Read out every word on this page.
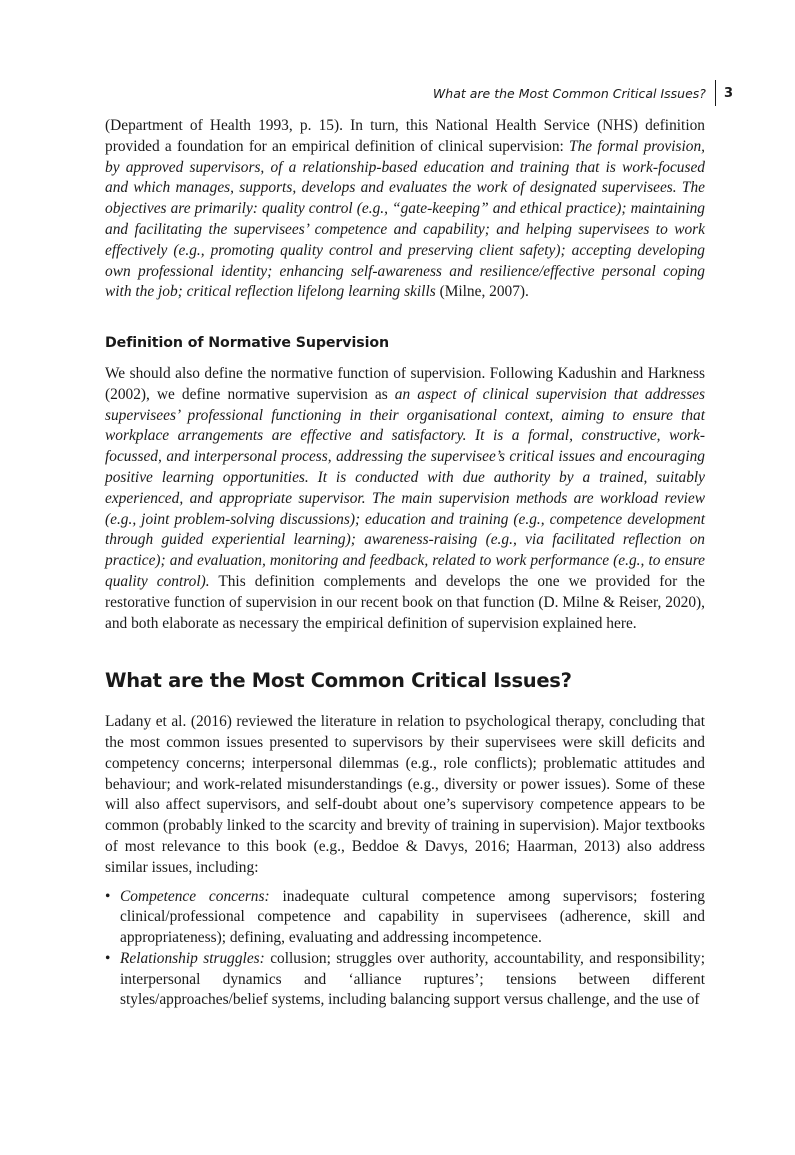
What are the Most Common Critical Issues?	3

(Department of Health 1993, p. 15). In turn, this National Health Service (NHS) definition provided a foundation for an empirical definition of clinical supervision: The formal provision, by approved supervisors, of a relationship-based education and training that is work-focused and which manages, supports, develops and evaluates the work of designated supervisees. The objectives are primarily: quality control (e.g., “gate-keeping” and ethical practice); maintaining and facilitating the supervisees’ competence and capability; and helping supervisees to work effectively (e.g., promoting quality control and preserving client safety); accepting developing own professional identity; enhancing self-awareness and resilience/effective personal coping with the job; critical reflection lifelong learning skills (Milne, 2007).

Definition of Normative Supervision

We should also define the normative function of supervision. Following Kadushin and Harkness (2002), we define normative supervision as an aspect of clinical supervision that addresses supervisees’ professional functioning in their organisational context, aiming to ensure that workplace arrangements are effective and satisfactory. It is a formal, constructive, work-focussed, and interpersonal process, addressing the supervisee’s critical issues and encouraging positive learning opportunities. It is conducted with due authority by a trained, suitably experienced, and appropriate supervisor. The main supervision methods are workload review (e.g., joint problem-solving discussions); education and training (e.g., competence development through guided experiential learning); awareness-raising (e.g., via facilitated reflection on practice); and evaluation, monitoring and feedback, related to work performance (e.g., to ensure quality control). This definition complements and develops the one we provided for the restorative function of supervision in our recent book on that function (D. Milne & Reiser, 2020), and both elaborate as necessary the empirical definition of supervision explained here.

What are the Most Common Critical Issues?

Ladany et al. (2016) reviewed the literature in relation to psychological therapy, concluding that the most common issues presented to supervisors by their supervisees were skill deficits and competency concerns; interpersonal dilemmas (e.g., role conflicts); problematic attitudes and behaviour; and work-related misunderstandings (e.g., diversity or power issues). Some of these will also affect supervisors, and self-doubt about one’s supervisory competence appears to be common (probably linked to the scarcity and brevity of training in supervision). Major textbooks of most relevance to this book (e.g., Beddoe & Davys, 2016; Haarman, 2013) also address similar issues, including:

• Competence concerns: inadequate cultural competence among supervisors; fostering clinical/professional competence and capability in supervisees (adherence, skill and appropriateness); defining, evaluating and addressing incompetence.
• Relationship struggles: collusion; struggles over authority, accountability, and responsibility; interpersonal dynamics and ‘alliance ruptures’; tensions between different styles/approaches/belief systems, including balancing support versus challenge, and the use of
